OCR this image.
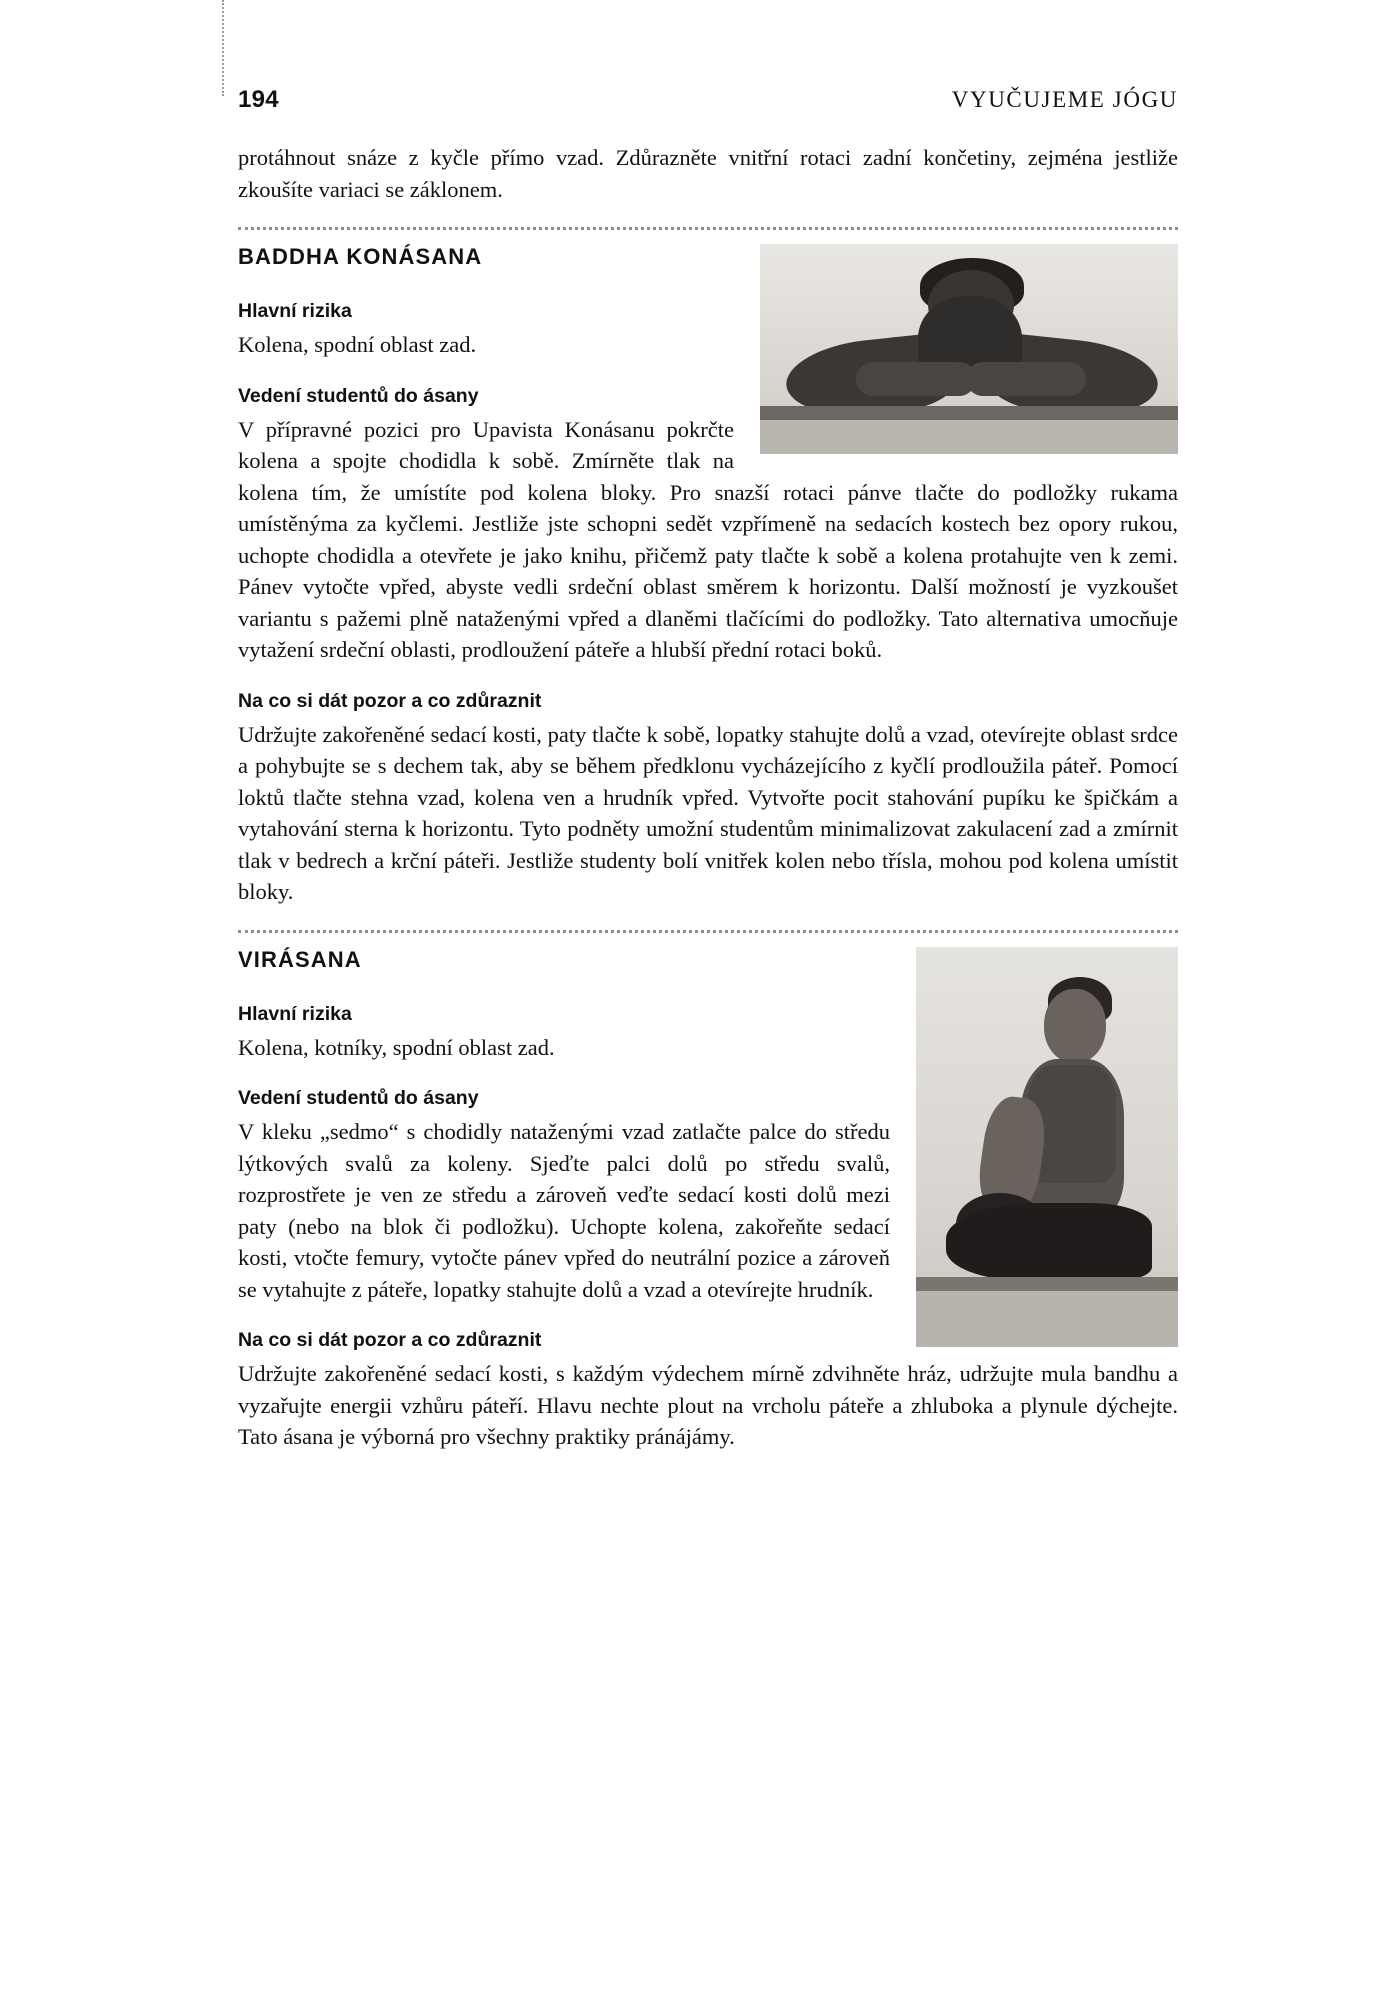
194	VYUČUJEME JÓGU

protáhnout snáze z kyčle přímo vzad. Zdůrazněte vnitřní rotaci zadní končetiny, zejména jestliže zkoušíte variaci se záklonem.

BADDHA KONÁSANA
Hlavní rizika

Kolena, spodní oblast zad.

Vedení studentů do ásany

V přípravné pozici pro Upavista Konásanu pokrčte kolena a spojte chodidla k sobě. Zmírněte tlak na kolena tím, že umístíte pod kolena bloky. Pro snazší rotaci pánve tlačte do podložky rukama umístěnýma za kyčlemi. Jestliže jste schopni sedět vzpřímeně na sedacích kostech bez opory rukou, uchopte chodidla a otevřete je jako knihu, přičemž paty tlačte k sobě a kolena protahujte ven k zemi. Pánev vytočte vpřed, abyste vedli srdeční oblast směrem k horizontu. Další možností je vyzkoušet variantu s pažemi plně nataženými vpřed a dlaněmi tlačícími do podložky. Tato alternativa umocňuje vytažení srdeční oblasti, prodloužení páteře a hlubší přední rotaci boků.

Na co si dát pozor a co zdůraznit

Udržujte zakořeněné sedací kosti, paty tlačte k sobě, lopatky stahujte dolů a vzad, otevírejte oblast srdce a pohybujte se s dechem tak, aby se během předklonu vycházejícího z kyčlí prodloužila páteř. Pomocí loktů tlačte stehna vzad, kolena ven a hrudník vpřed. Vytvořte pocit stahování pupíku ke špičkám a vytahování sterna k horizontu. Tyto podněty umožní studentům minimalizovat zakulacení zad a zmírnit tlak v bedrech a krční páteři. Jestliže studenty bolí vnitřek kolen nebo třísla, mohou pod kolena umístit bloky.

VIRÁSANA
Hlavní rizika

Kolena, kotníky, spodní oblast zad.

Vedení studentů do ásany

V kleku „sedmo“ s chodidly nataženými vzad zatlačte palce do středu lýtkových svalů za koleny. Sjeďte palci dolů po středu svalů, rozprostřete je ven ze středu a zároveň veďte sedací kosti dolů mezi paty (nebo na blok či podložku). Uchopte kolena, zakořeňte sedací kosti, vtočte femury, vytočte pánev vpřed do neutrální pozice a zároveň se vytahujte z páteře, lopatky stahujte dolů a vzad a otevírejte hrudník.

Na co si dát pozor a co zdůraznit

Udržujte zakořeněné sedací kosti, s každým výdechem mírně zdvihněte hráz, udržujte mula bandhu a vyzařujte energii vzhůru páteří. Hlavu nechte plout na vrcholu páteře a zhluboka a plynule dýchejte. Tato ásana je výborná pro všechny praktiky pránájámy.
